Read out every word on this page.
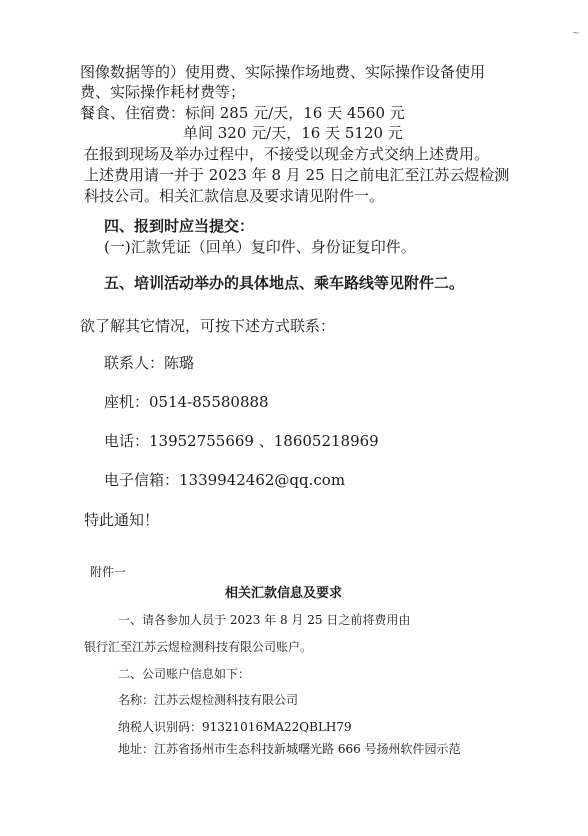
~
图像数据等的）使用费、实际操作场地费、实际操作设备使用
费、实际操作耗材费等；
餐食、住宿费：标间 285 元/天，16 天 4560 元
单间 320 元/天，16 天 5120 元
在报到现场及举办过程中，不接受以现金方式交纳上述费用。
上述费用请一并于 2023 年 8 月 25 日之前电汇至江苏云煜检测
科技公司。相关汇款信息及要求请见附件一。
四、报到时应当提交：
(一)汇款凭证（回单）复印件、身份证复印件。
五、培训活动举办的具体地点、乘车路线等见附件二。
欲了解其它情况，可按下述方式联系：
联系人：陈璐
座机：0514-85580888
电话：13952755669 、18605218969
电子信箱：1339942462@qq.com
特此通知！
附件一
相关汇款信息及要求
一、请各参加人员于 2023 年 8 月 25 日之前将费用由
银行汇至江苏云煜检测科技有限公司账户。
二、公司账户信息如下：
名称：江苏云煜检测科技有限公司
纳税人识别码：91321016MA22QBLH79
地址：江苏省扬州市生态科技新城曙光路 666 号扬州软件园示范
